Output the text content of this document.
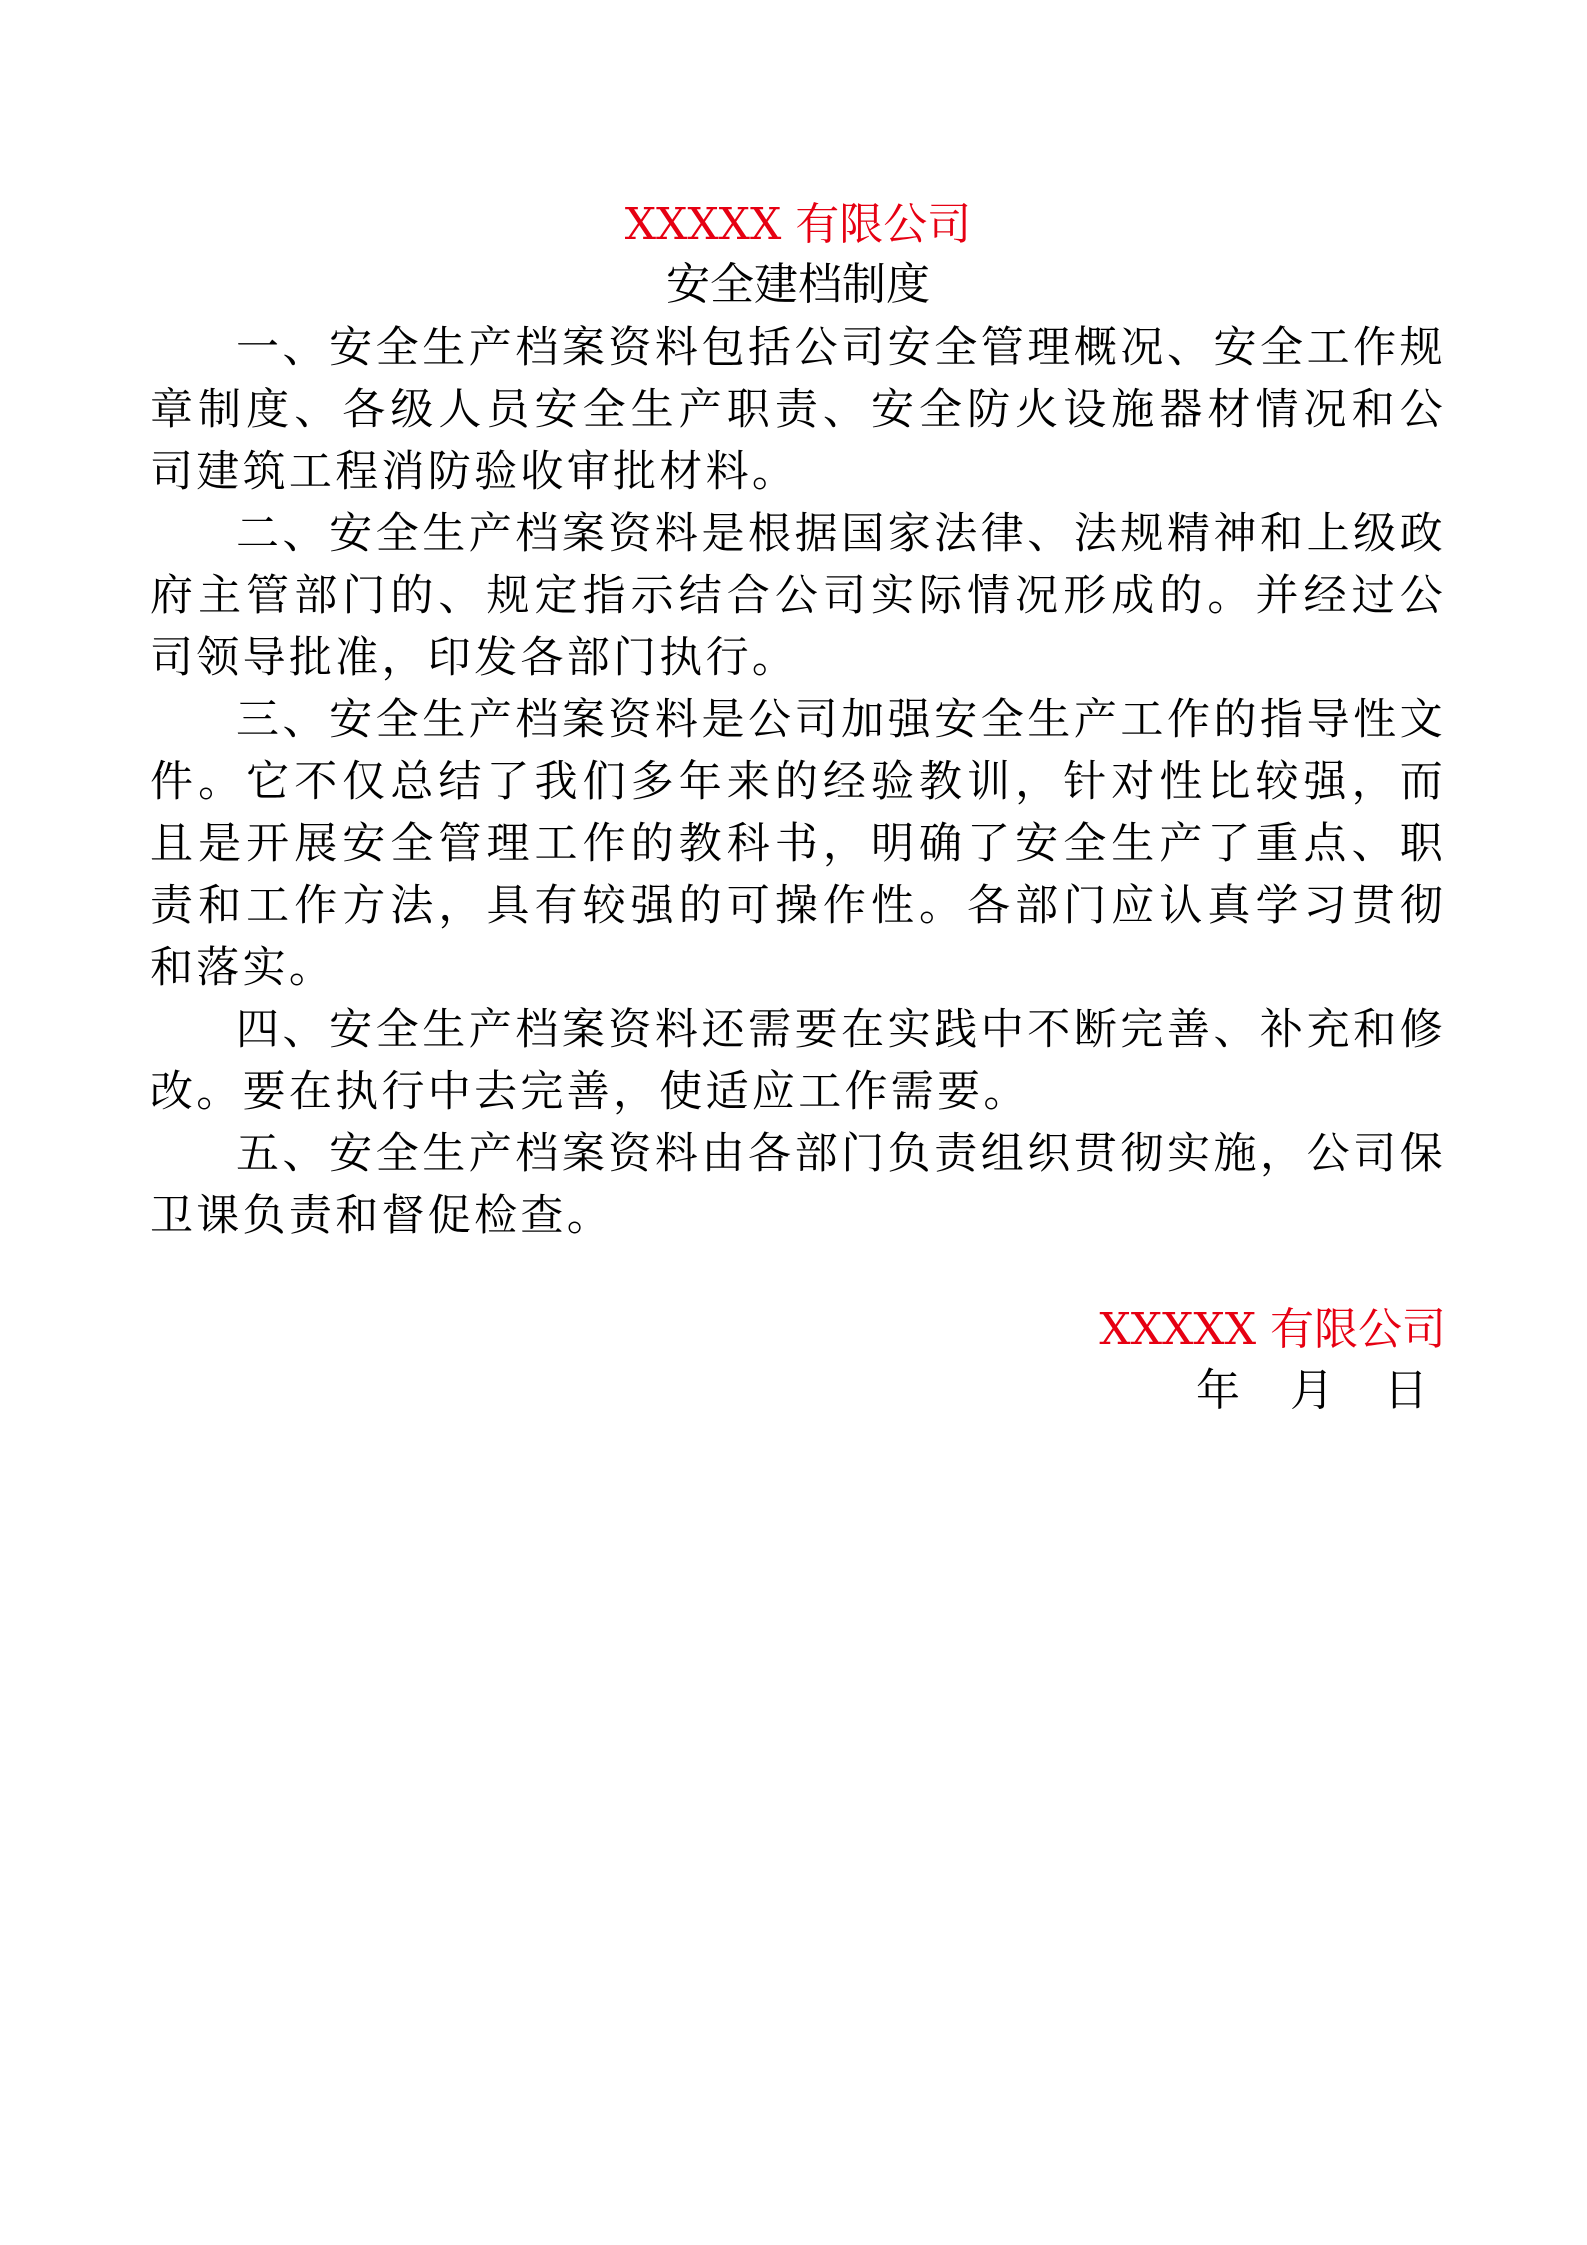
XXXXX 有限公司
安全建档制度

一、安全生产档案资料包括公司安全管理概况、安全工作规章制度、各级人员安全生产职责、安全防火设施器材情况和公司建筑工程消防验收审批材料。

二、安全生产档案资料是根据国家法律、法规精神和上级政府主管部门的、规定指示结合公司实际情况形成的。并经过公司领导批准，印发各部门执行。

三、安全生产档案资料是公司加强安全生产工作的指导性文件。它不仅总结了我们多年来的经验教训，针对性比较强，而且是开展安全管理工作的教科书，明确了安全生产了重点、职责和工作方法，具有较强的可操作性。各部门应认真学习贯彻和落实。

四、安全生产档案资料还需要在实践中不断完善、补充和修改。要在执行中去完善，使适应工作需要。

五、安全生产档案资料由各部门负责组织贯彻实施，公司保卫课负责和督促检查。

XXXXX 有限公司

年 月 日
